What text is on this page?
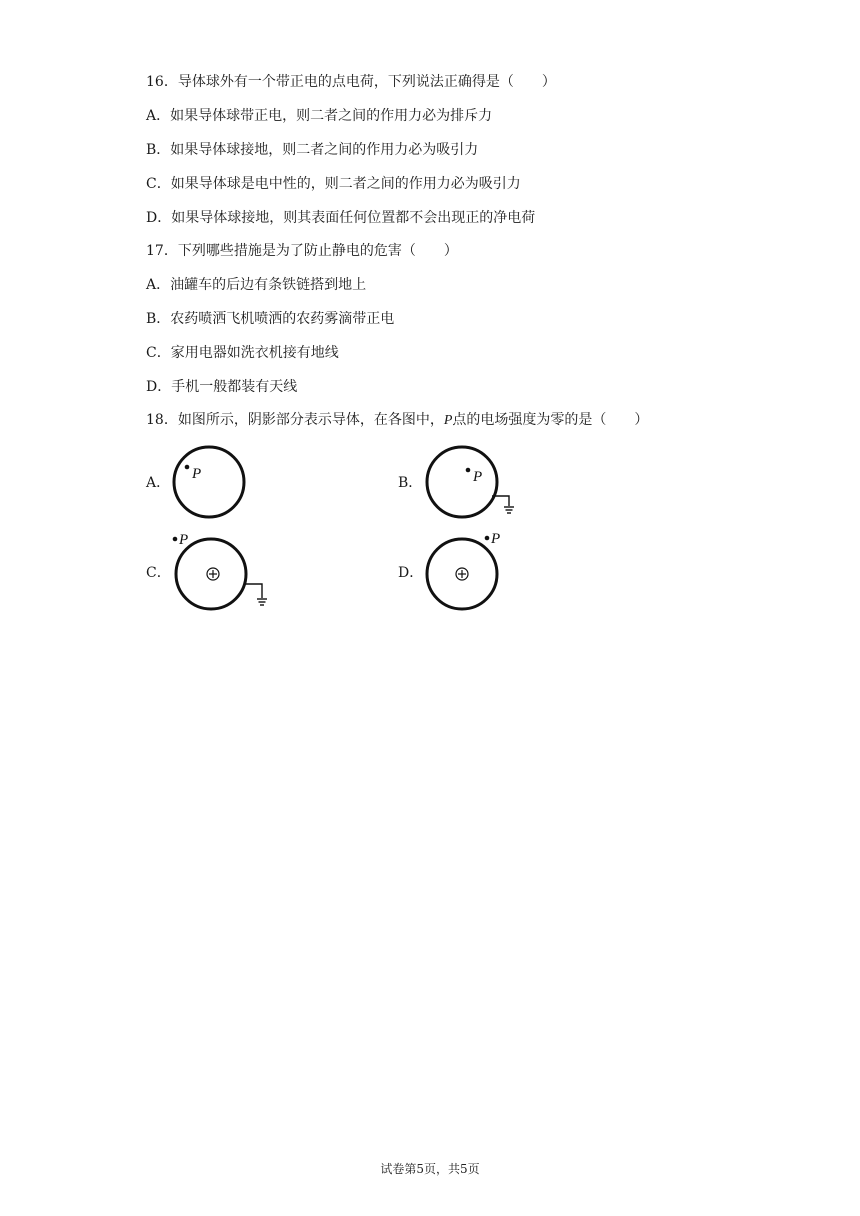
16．导体球外有一个带正电的点电荷，下列说法正确得是（　　）
A．如果导体球带正电，则二者之间的作用力必为排斥力
B．如果导体球接地，则二者之间的作用力必为吸引力
C．如果导体球是电中性的，则二者之间的作用力必为吸引力
D．如果导体球接地，则其表面任何位置都不会出现正的净电荷
17．下列哪些措施是为了防止静电的危害（　　）
A．油罐车的后边有条铁链搭到地上
B．农药喷洒飞机喷洒的农药雾滴带正电
C．家用电器如洗衣机接有地线
D．手机一般都装有天线
18．如图所示，阴影部分表示导体，在各图中，P点的电场强度为零的是（　　）
A．
P
B．	P
C．
P
D．
P
试卷第5页，共5页
